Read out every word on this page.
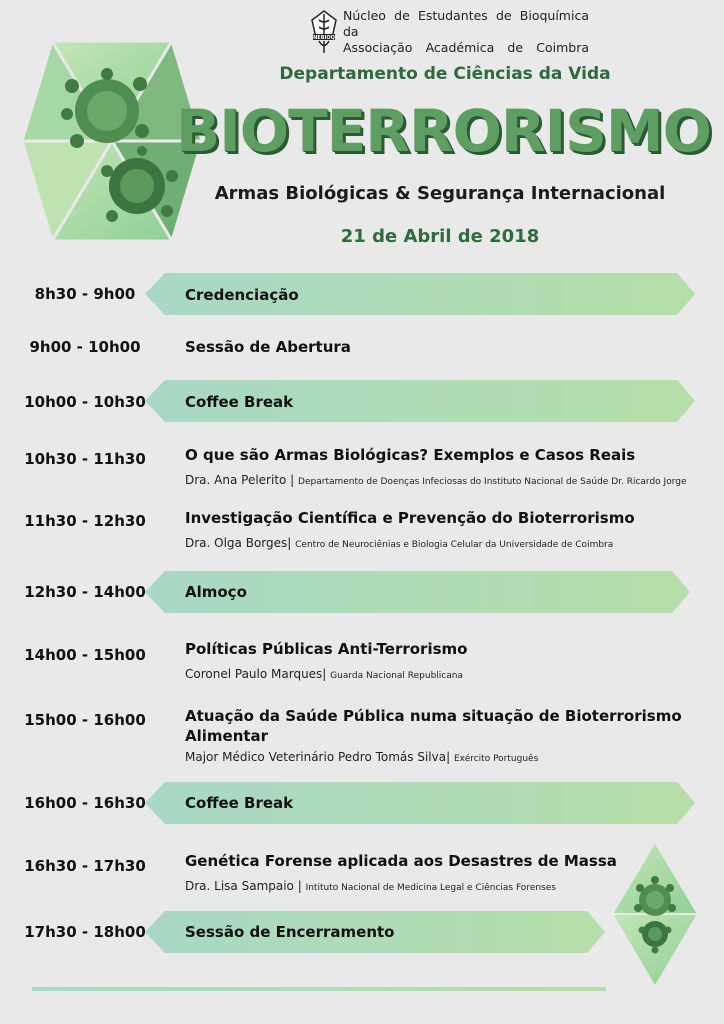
NEBIOQ
Núcleo de Estudantes de Bioquímica da
Associação Académica de Coimbra
Departamento de Ciências da Vida
BIOTERRORISMO
Armas Biológicas & Segurança Internacional
21 de Abril de 2018
8h30 - 9h00	Credenciação
9h00 - 10h00	Sessão de Abertura
10h00 - 10h30	Coffee Break
10h30 - 11h30	O que são Armas Biológicas? Exemplos e Casos Reais
Dra. Ana Pelerito | Departamento de Doenças Infeciosas do Instituto Nacional de Saúde Dr. Ricardo Jorge
11h30 - 12h30	Investigação Científica e Prevenção do Bioterrorismo
Dra. Olga Borges| Centro de Neurociênias e Biologia Celular da Universidade de Coimbra
12h30 - 14h00	Almoço
14h00 - 15h00	Políticas Públicas Anti-Terrorismo
Coronel Paulo Marques| Guarda Nacional Republicana
15h00 - 16h00	Atuação da Saúde Pública numa situação de Bioterrorismo Alimentar
Major Médico Veterinário Pedro Tomás Silva| Exército Português
16h00 - 16h30	Coffee Break
16h30 - 17h30	Genética Forense aplicada aos Desastres de Massa
Dra. Lisa Sampaio | Intituto Nacional de Medicina Legal e Ciências Forenses
17h30 - 18h00	Sessão de Encerramento
